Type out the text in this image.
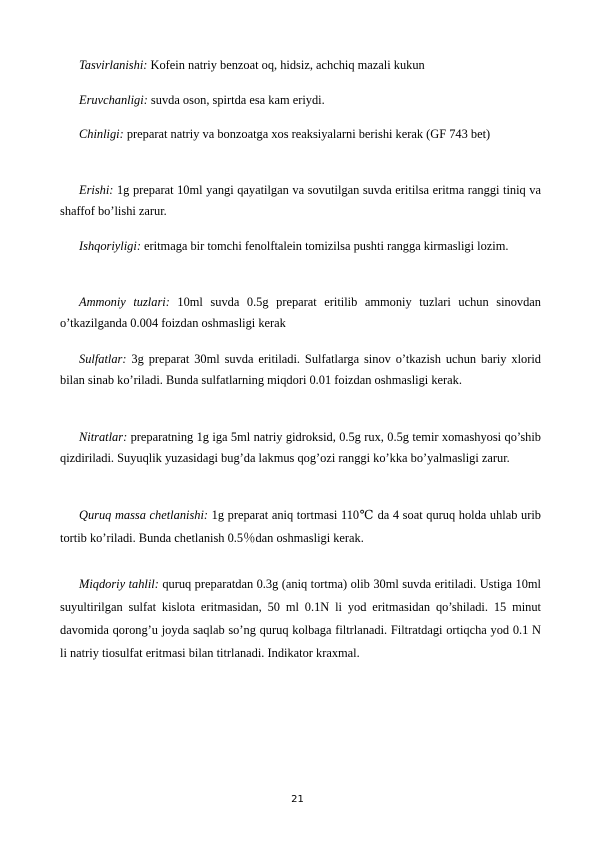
Tasvirlanishi: Kofein natriy benzoat oq, hidsiz, achchiq mazali kukun

Eruvchanligi: suvda oson, spirtda esa kam eriydi.

Chinligi: preparat natriy va bonzoatga xos reaksiyalarni berishi kerak (GF 743 bet)

Erishi: 1g preparat 10ml yangi qayatilgan va sovutilgan suvda eritilsa eritma ranggi tiniq va shaffof bo’lishi zarur.

Ishqoriyligi: eritmaga bir tomchi fenolftalein tomizilsa pushti rangga kirmasligi lozim.

Ammoniy tuzlari: 10ml suvda 0.5g preparat eritilib ammoniy tuzlari uchun sinovdan o’tkazilganda 0.004 foizdan oshmasligi kerak

Sulfatlar: 3g preparat 30ml suvda eritiladi. Sulfatlarga sinov o’tkazish uchun bariy xlorid bilan sinab ko’riladi. Bunda sulfatlarning miqdori 0.01 foizdan oshmasligi kerak.

Nitratlar: preparatning 1g iga 5ml natriy gidroksid, 0.5g rux, 0.5g temir xomashyosi qo’shib qizdiriladi. Suyuqlik yuzasidagi bug’da lakmus qog’ozi ranggi ko’kka bo’yalmasligi zarur.

Quruq massa chetlanishi: 1g preparat aniq tortmasi 110℃ da 4 soat quruq holda uhlab urib tortib ko’riladi. Bunda chetlanish 0.5％dan oshmasligi kerak.

Miqdoriy tahlil: quruq preparatdan 0.3g (aniq tortma) olib 30ml suvda eritiladi. Ustiga 10ml suyultirilgan sulfat kislota eritmasidan, 50 ml 0.1N li yod eritmasidan qo’shiladi. 15 minut davomida qorong’u joyda saqlab so’ng quruq kolbaga filtrlanadi. Filtratdagi ortiqcha yod 0.1 N li natriy tiosulfat eritmasi bilan titrlanadi. Indikator kraxmal.

21
